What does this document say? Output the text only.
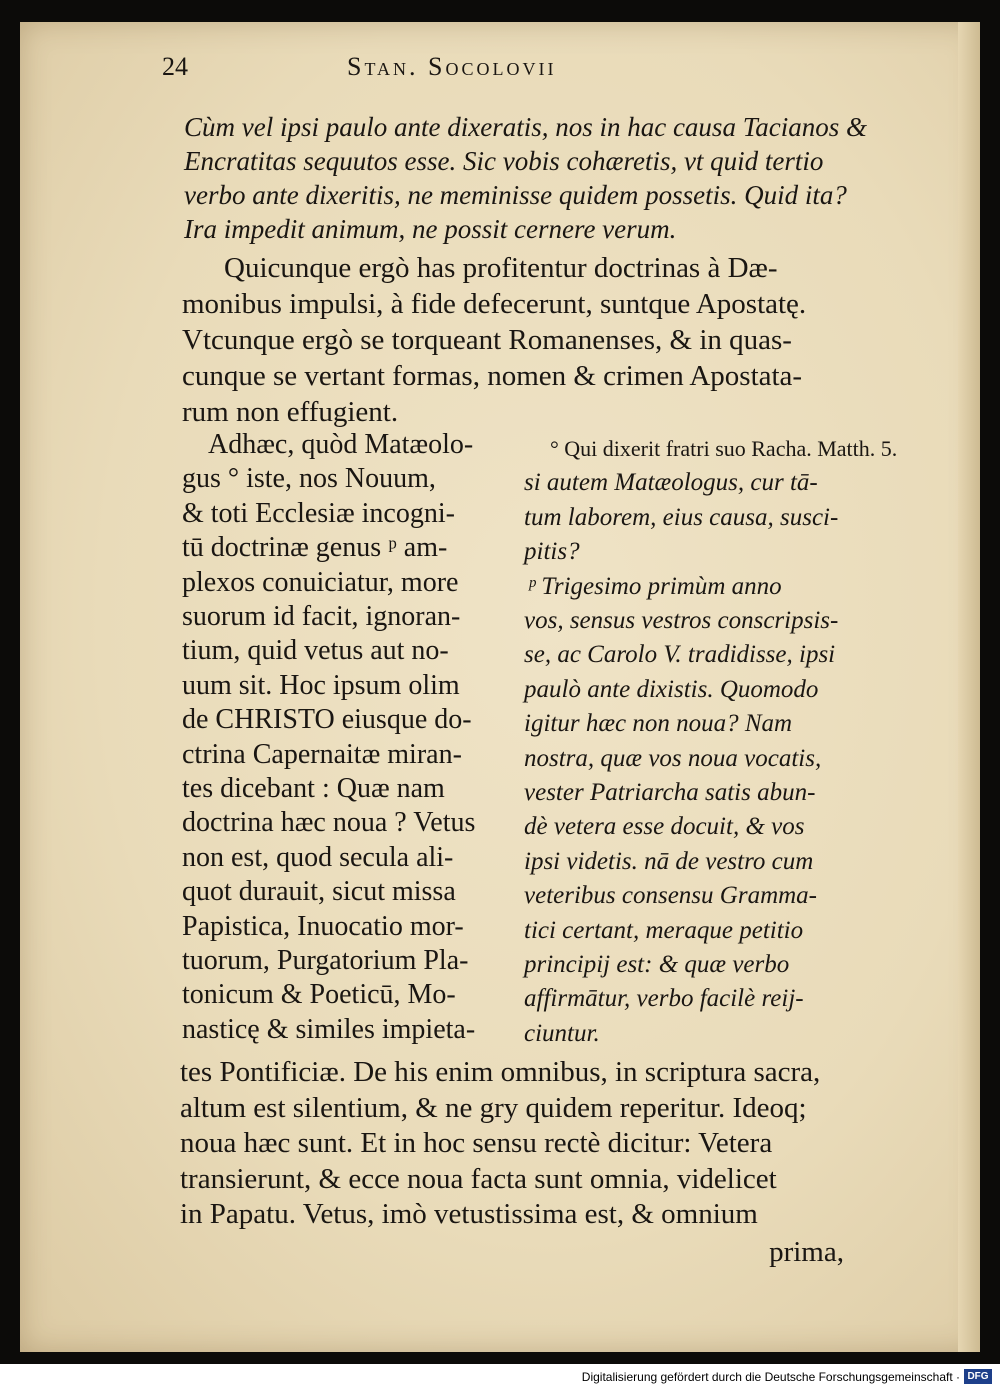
24	Stan. Socolovii
Cùm vel ipsi paulo ante dixeratis, nos in hac causa Tacianos &
Encratitas sequutos esse. Sic vobis cohæretis, vt quid tertio
verbo ante dixeritis, ne meminisse quidem possetis. Quid ita?
Ira impedit animum, ne possit cernere verum.
Quicunque ergò has profitentur doctrinas à Dæ-
monibus impulsi, à fide defecerunt, suntque Apostatę.
Vtcunque ergò se torqueant Romanenses, & in quas-
cunque se vertant formas, nomen & crimen Apostata-
rum non effugient.
Adhæc, quòd Matæolo-
gus ° iste, nos Nouum,
& toti Ecclesiæ incogni-
tū doctrinæ genus ᵖ am-
plexos conuiciatur, more
suorum id facit, ignoran-
tium, quid vetus aut no-
uum sit. Hoc ipsum olim
de CHRISTO eiusque do-
ctrina Capernaitæ miran-
tes dicebant : Quæ nam
doctrina hæc noua ? Vetus
non est, quod secula ali-
quot durauit, sicut missa
Papistica, Inuocatio mor-
tuorum, Purgatorium Pla-
tonicum & Poeticū, Mo-
nasticę & similes impieta-
° Qui dixerit fratri suo Racha. Matth. 5.
si autem Matæologus, cur tā-
tum laborem, eius causa, susci-
pitis?
ᵖ Trigesimo primùm anno
vos, sensus vestros conscripsis-
se, ac Carolo V. tradidisse, ipsi
paulò ante dixistis. Quomodo
igitur hæc non noua? Nam
nostra, quæ vos noua vocatis,
vester Patriarcha satis abun-
dè vetera esse docuit, & vos
ipsi videtis. nā de vestro cum
veteribus consensu Gramma-
tici certant, meraque petitio
principij est: & quæ verbo
affirmātur, verbo facilè reij-
ciuntur.
tes Pontificiæ. De his enim omnibus, in scriptura sacra,
altum est silentium, & ne gry quidem reperitur. Ideoq;
noua hæc sunt. Et in hoc sensu rectè dicitur: Vetera
transierunt, & ecce noua facta sunt omnia, videlicet
in Papatu. Vetus, imò vetustissima est, & omnium
prima,
Digitalisierung gefördert durch die Deutsche Forschungsgemeinschaft · DFG
